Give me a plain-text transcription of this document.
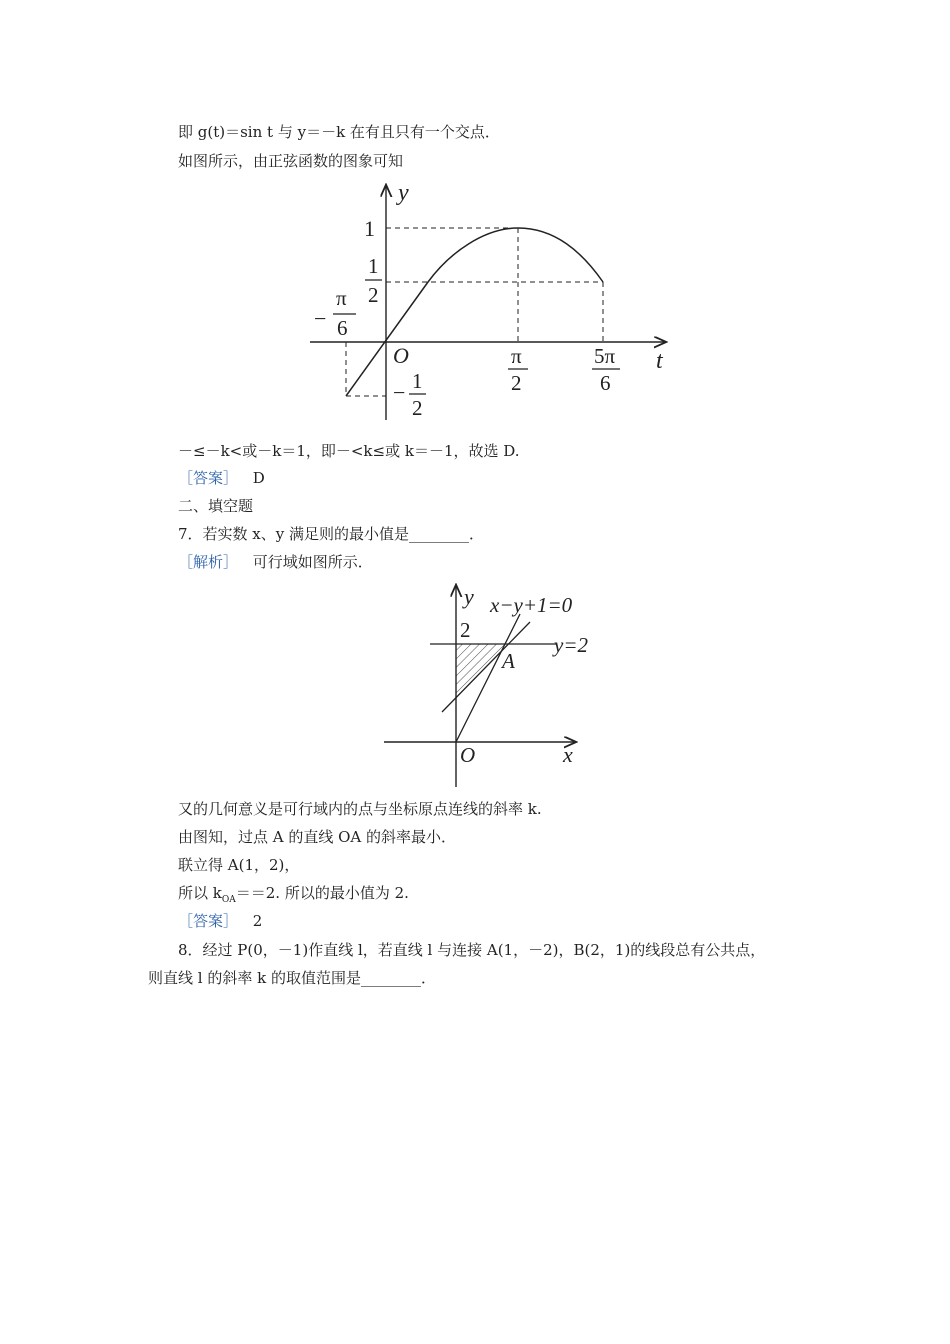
即 g(t)＝sin t 与 y＝－k 在有且只有一个交点．
如图所示，由正弦函数的图象可知
y
t
O
1
1
2
−
π
6
− 1
2
π
2
5π
6
－≤－k<或－k＝1，即－<k≤或 k＝－1，故选 D.
［答案］ D
二、填空题
7．若实数 x、y 满足则的最小值是________．
［解析］ 可行域如图所示．
y
x
O
2
A
x−y+1=0
y=2
又的几何意义是可行域内的点与坐标原点连线的斜率 k.
由图知，过点 A 的直线 OA 的斜率最小．
联立得 A(1，2)，
所以 $k_{OA}==2$. 所以的最小值为 2.
［答案］ 2
8．经过 P(0，－1)作直线 l，若直线 l 与连接 A(1，－2)，B(2，1)的线段总有公共点，
则直线 l 的斜率 k 的取值范围是________．
